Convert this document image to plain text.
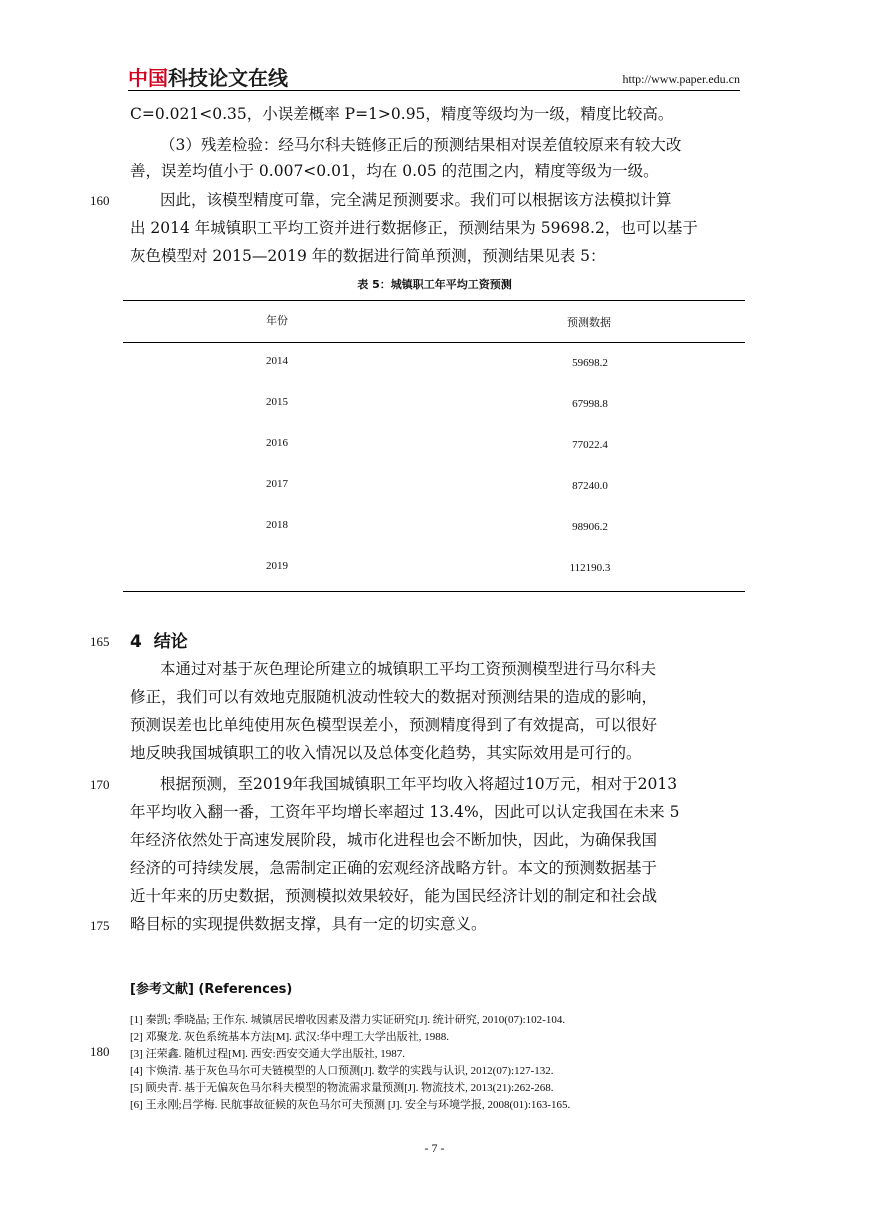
中国科技论文在线	http://www.paper.edu.cn
C=0.021<0.35，小误差概率 P=1>0.95，精度等级均为一级，精度比较高。
（3）残差检验：经马尔科夫链修正后的预测结果相对误差值较原来有较大改
善，误差均值小于 0.007<0.01，均在 0.05 的范围之内，精度等级为一级。
160	因此，该模型精度可靠，完全满足预测要求。我们可以根据该方法模拟计算
出 2014 年城镇职工平均工资并进行数据修正，预测结果为 59698.2，也可以基于
灰色模型对 2015—2019 年的数据进行简单预测，预测结果见表 5：
表 5：城镇职工年平均工资预测
年份	预测数据
2014	59698.2
2015	67998.8
2016	77022.4
2017	87240.0
2018	98906.2
2019	112190.3
165 4 结论
本通过对基于灰色理论所建立的城镇职工平均工资预测模型进行马尔科夫
修正，我们可以有效地克服随机波动性较大的数据对预测结果的造成的影响，
预测误差也比单纯使用灰色模型误差小，预测精度得到了有效提高，可以很好
地反映我国城镇职工的收入情况以及总体变化趋势，其实际效用是可行的。
170	根据预测，至2019年我国城镇职工年平均收入将超过10万元，相对于2013
年平均收入翻一番，工资年平均增长率超过 13.4%，因此可以认定我国在未来 5
年经济依然处于高速发展阶段，城市化进程也会不断加快，因此，为确保我国
经济的可持续发展，急需制定正确的宏观经济战略方针。本文的预测数据基于
近十年来的历史数据，预测模拟效果较好，能为国民经济计划的制定和社会战
175 略目标的实现提供数据支撑，具有一定的切实意义。
[参考文献] (References)
[1] 秦凯; 季晓晶; 王作东. 城镇居民增收因素及潜力实证研究[J]. 统计研究, 2010(07):102-104.
[2] 邓聚龙. 灰色系统基本方法[M]. 武汉:华中理工大学出版社, 1988.
180 [3] 汪荣鑫. 随机过程[M]. 西安:西安交通大学出版社, 1987.
[4] 卞焕清. 基于灰色马尔可夫链模型的人口预测[J]. 数学的实践与认识, 2012(07):127-132.
[5] 顾央青. 基于无偏灰色马尔科夫模型的物流需求量预测[J]. 物流技术, 2013(21):262-268.
[6] 王永刚;吕学梅. 民航事故征候的灰色马尔可夫预测 [J]. 安全与环境学报, 2008(01):163-165.
- 7 -
